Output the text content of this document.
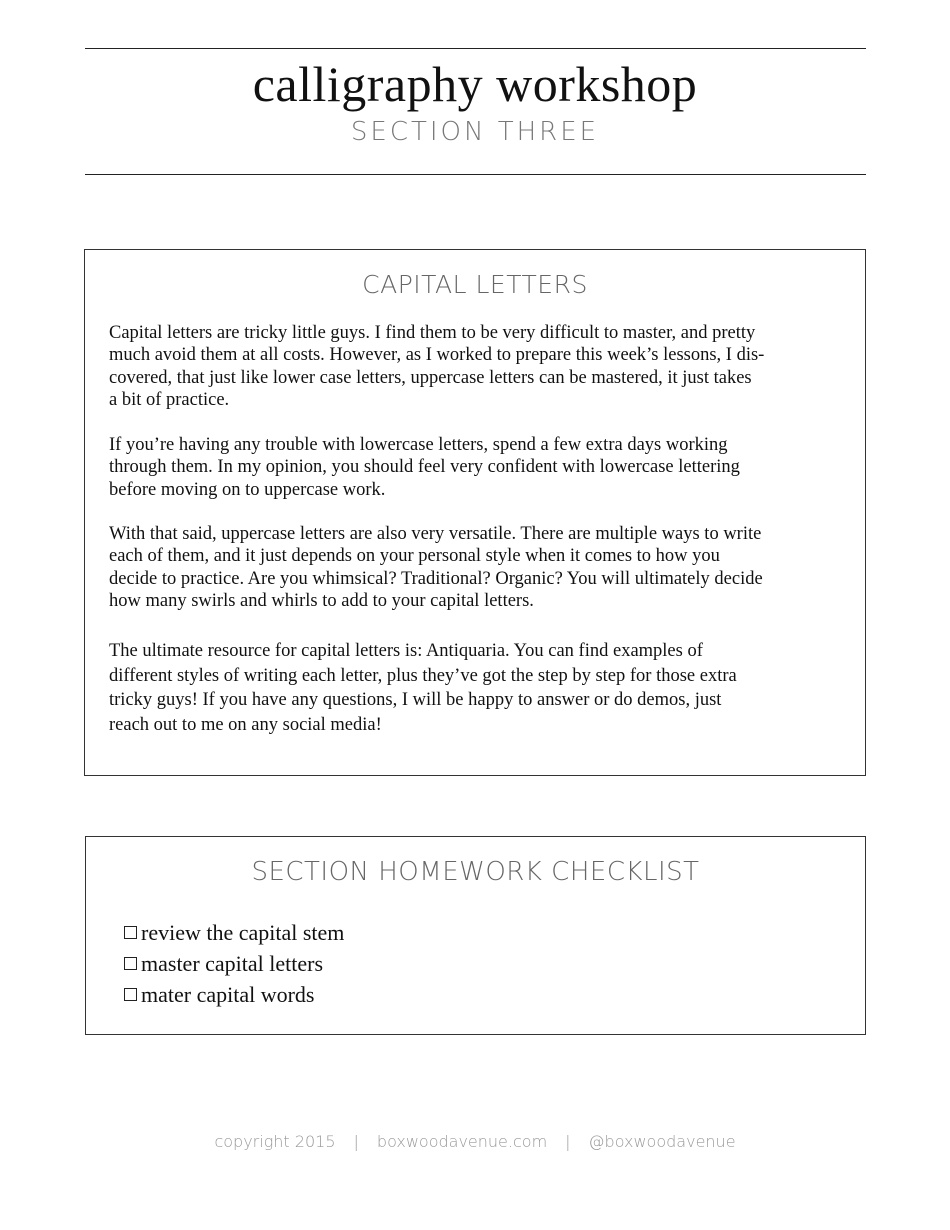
calligraphy workshop
SECTION THREE
CAPITAL LETTERS
Capital letters are tricky little guys. I find them to be very difficult to master, and pretty
much avoid them at all costs. However, as I worked to prepare this week’s lessons, I dis-
covered, that just like lower case letters, uppercase letters can be mastered, it just takes
a bit of practice.
If you’re having any trouble with lowercase letters, spend a few extra days working
through them. In my opinion, you should feel very confident with lowercase lettering
before moving on to uppercase work.
With that said, uppercase letters are also very versatile. There are multiple ways to write
each of them, and it just depends on your personal style when it comes to how you
decide to practice. Are you whimsical? Traditional? Organic? You will ultimately decide
how many swirls and whirls to add to your capital letters.
The ultimate resource for capital letters is: Antiquaria. You can find examples of
different styles of writing each letter, plus they’ve got the step by step for those extra
tricky guys! If you have any questions, I will be happy to answer or do demos, just
reach out to me on any social media!
SECTION HOMEWORK CHECKLIST
review the capital stem
master capital letters
mater capital words
copyright 2015 | boxwoodavenue.com | @boxwoodavenue
